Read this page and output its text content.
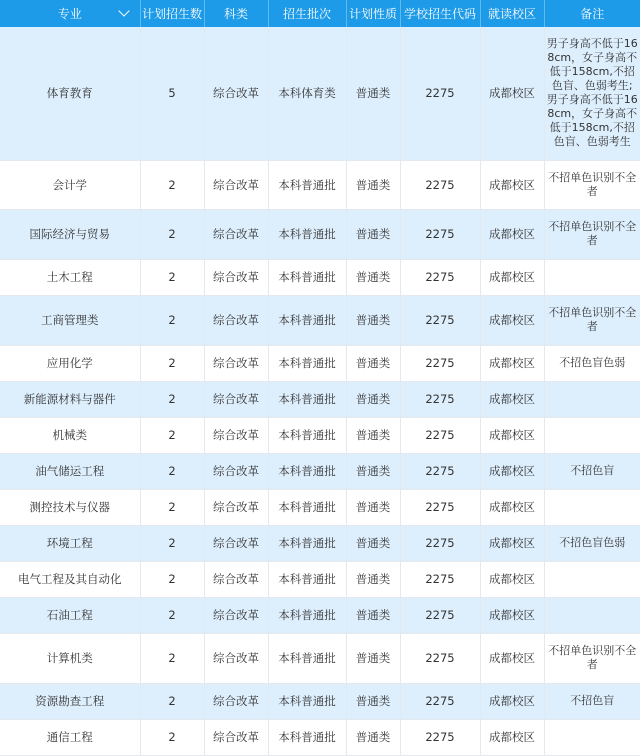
专业	计划招生数	科类	招生批次	计划性质	学校招生代码	就读校区	备注

体育教育	5	综合改革	本科体育类	普通类	2275	成都校区	男子身高不低于168cm，女子身高不低于158cm,不招色盲、色弱考生;男子身高不低于168cm，女子身高不低于158cm,不招色盲、色弱考生
会计学	2	综合改革	本科普通批	普通类	2275	成都校区	不招单色识别不全者
国际经济与贸易	2	综合改革	本科普通批	普通类	2275	成都校区	不招单色识别不全者
土木工程	2	综合改革	本科普通批	普通类	2275	成都校区	
工商管理类	2	综合改革	本科普通批	普通类	2275	成都校区	不招单色识别不全者
应用化学	2	综合改革	本科普通批	普通类	2275	成都校区	不招色盲色弱
新能源材料与器件	2	综合改革	本科普通批	普通类	2275	成都校区	
机械类	2	综合改革	本科普通批	普通类	2275	成都校区	
油气储运工程	2	综合改革	本科普通批	普通类	2275	成都校区	不招色盲
测控技术与仪器	2	综合改革	本科普通批	普通类	2275	成都校区	
环境工程	2	综合改革	本科普通批	普通类	2275	成都校区	不招色盲色弱
电气工程及其自动化	2	综合改革	本科普通批	普通类	2275	成都校区	
石油工程	2	综合改革	本科普通批	普通类	2275	成都校区	
计算机类	2	综合改革	本科普通批	普通类	2275	成都校区	不招单色识别不全者
资源勘查工程	2	综合改革	本科普通批	普通类	2275	成都校区	不招色盲
通信工程	2	综合改革	本科普通批	普通类	2275	成都校区	
